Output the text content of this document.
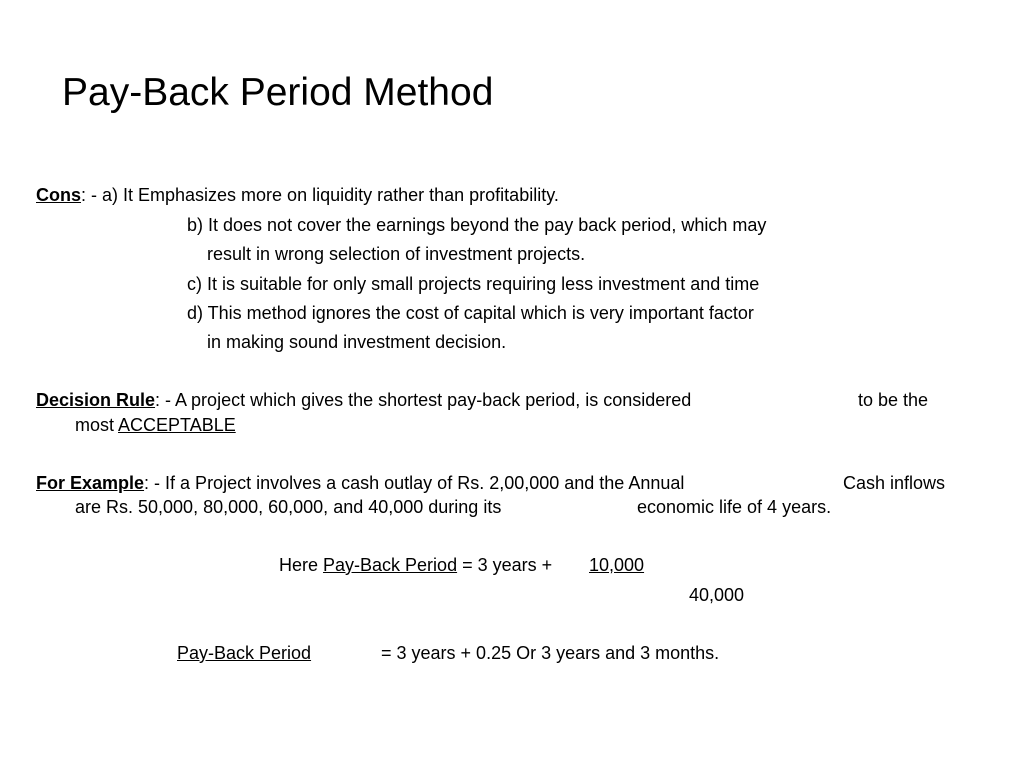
Pay-Back Period Method
Cons: - a) It Emphasizes more on liquidity rather than profitability.
b) It does not cover the earnings beyond the pay back period, which may
result in wrong selection of investment projects.
c) It is suitable for only small projects requiring less investment and time
d) This method ignores the cost of capital which is very important factor
in making sound investment decision.
Decision Rule: - A project which gives the shortest pay-back period, is considered	to be the
most ACCEPTABLE
For Example: - If a Project involves a cash outlay of Rs. 2,00,000 and the Annual	Cash inflows
are Rs. 50,000, 80,000, 60,000, and 40,000 during its	economic life of 4 years.
Here Pay-Back Period = 3 years + 10,000
40,000
Pay-Back Period	= 3 years + 0.25 Or 3 years and 3 months.
